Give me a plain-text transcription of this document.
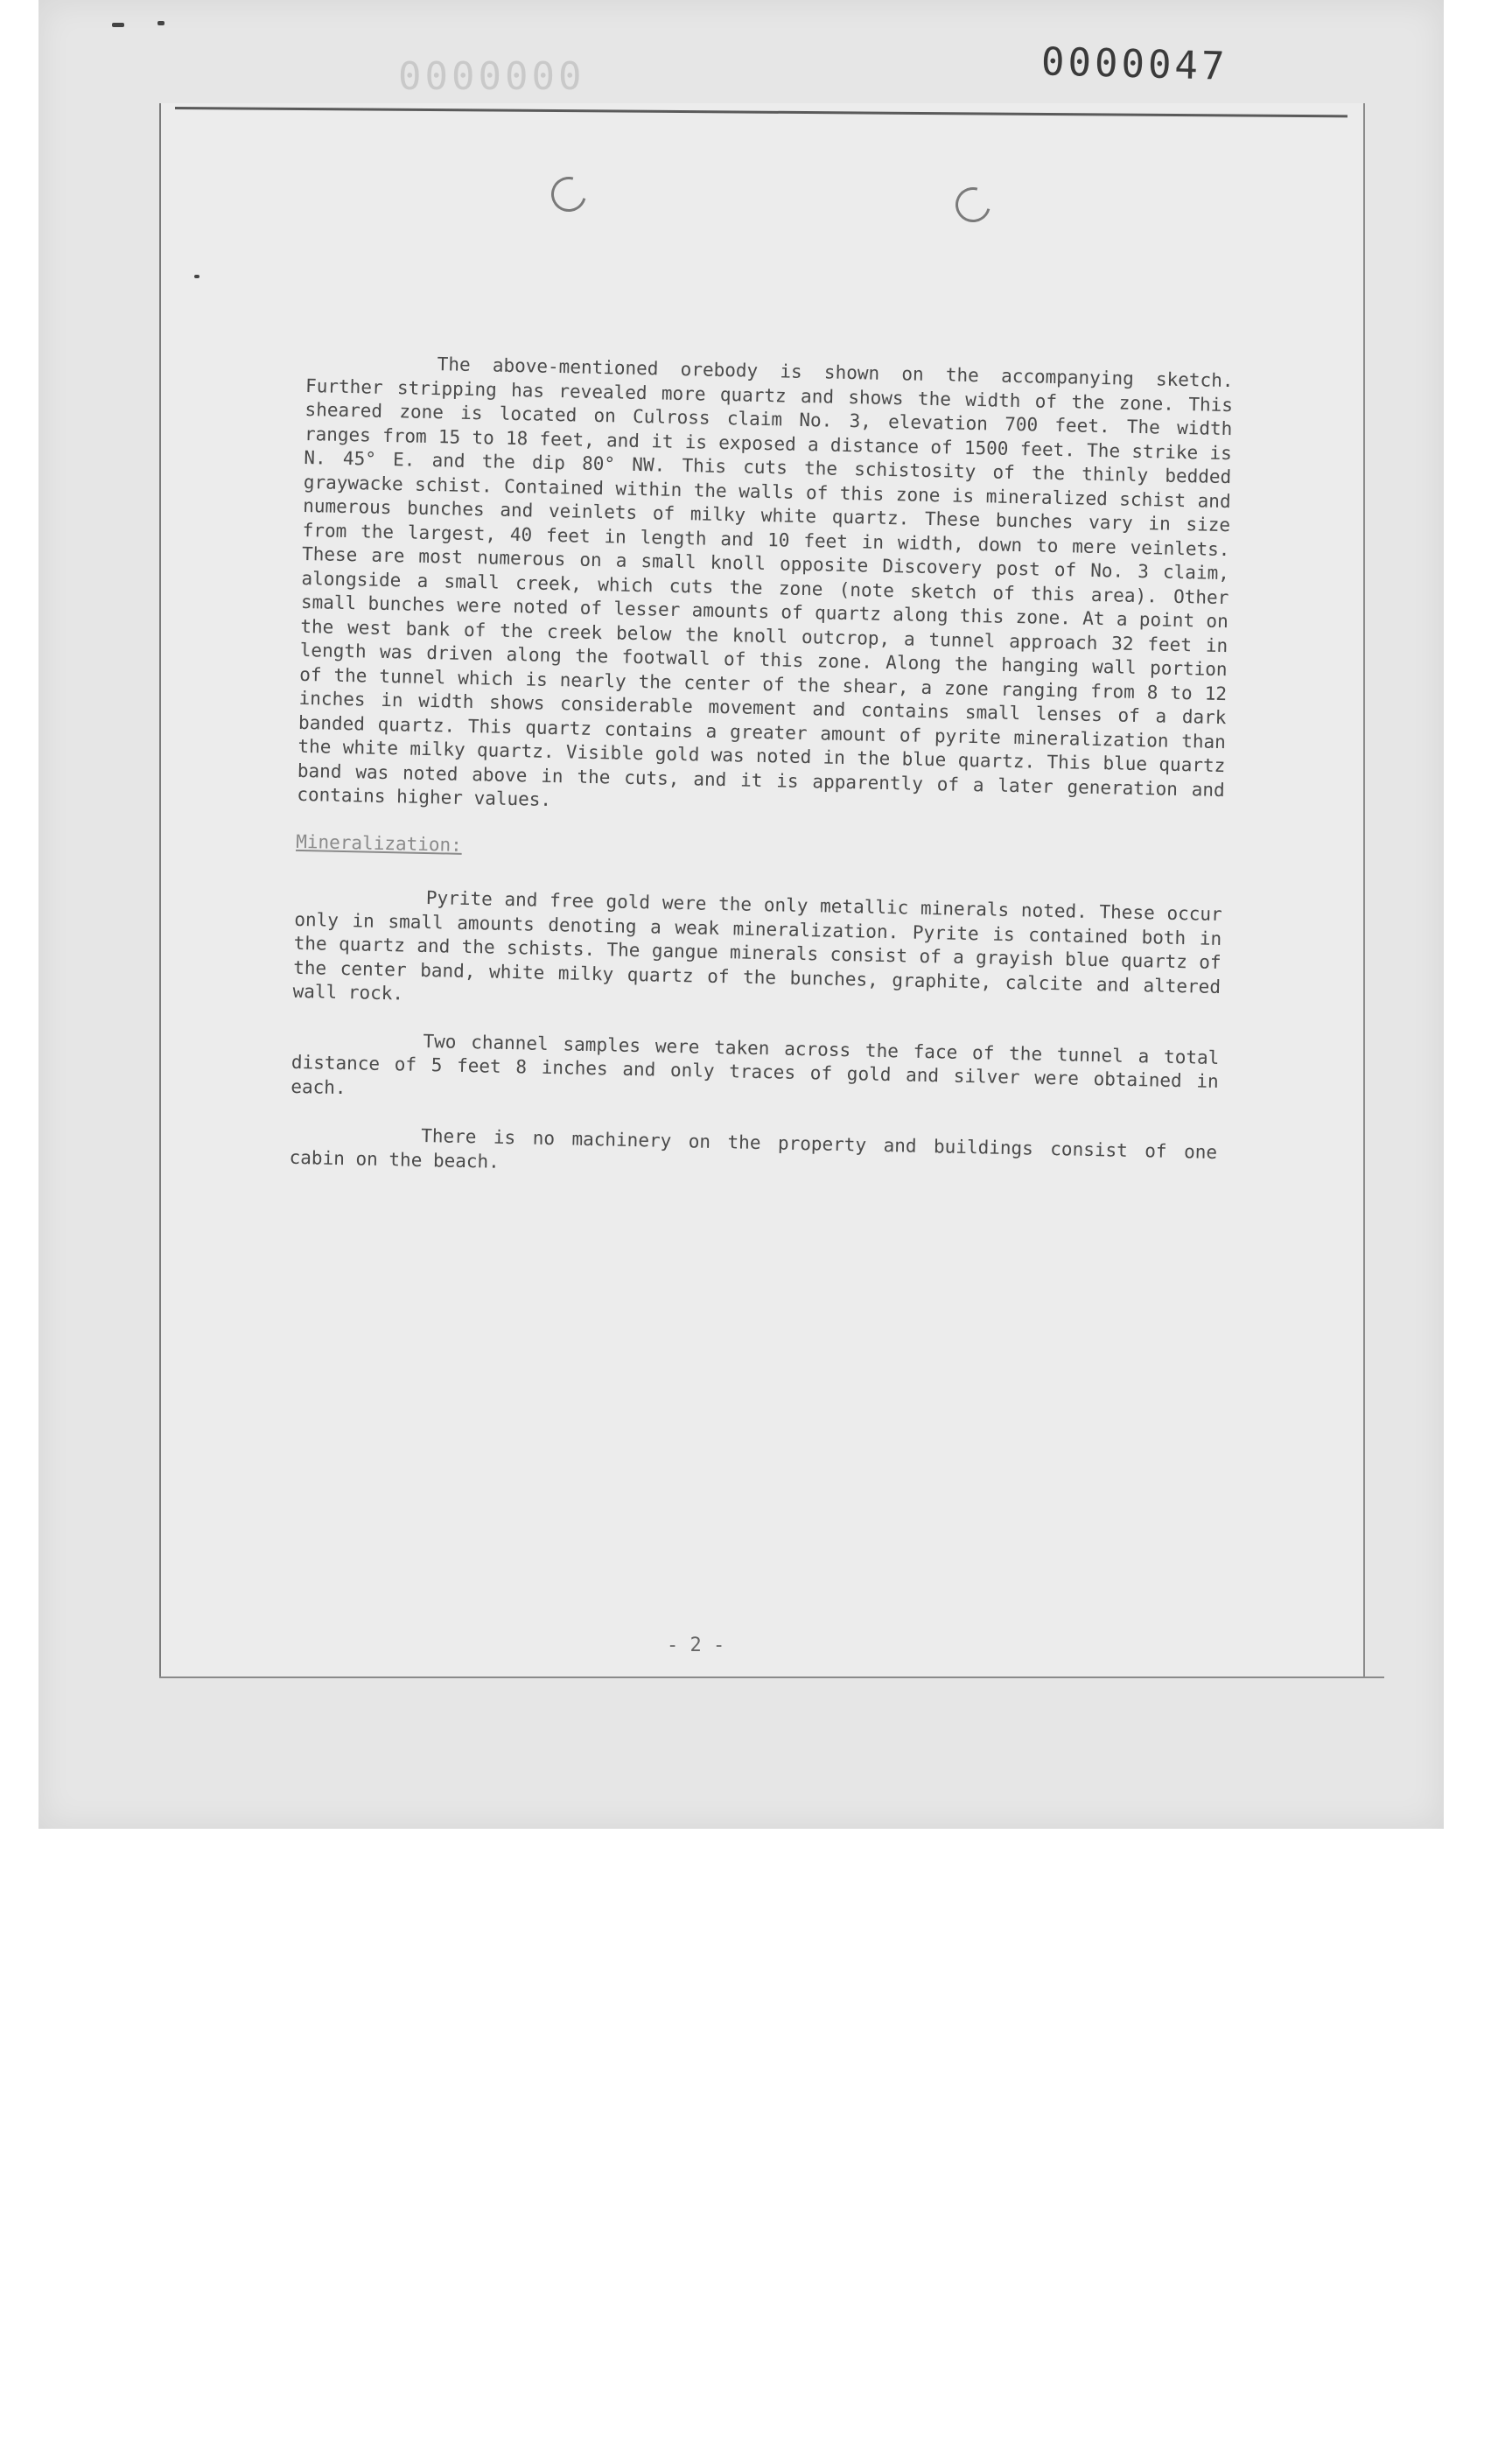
0000000	0000047

The above-mentioned orebody is shown on the accompanying sketch. Further stripping has revealed more quartz and shows the width of the zone. This sheared zone is located on Culross claim No. 3, elevation 700 feet. The width ranges from 15 to 18 feet, and it is exposed a distance of 1500 feet. The strike is N. 45° E. and the dip 80° NW. This cuts the schistosity of the thinly bedded graywacke schist. Contained within the walls of this zone is mineralized schist and numerous bunches and veinlets of milky white quartz. These bunches vary in size from the largest, 40 feet in length and 10 feet in width, down to mere veinlets. These are most numerous on a small knoll opposite Discovery post of No. 3 claim, alongside a small creek, which cuts the zone (note sketch of this area). Other small bunches were noted of lesser amounts of quartz along this zone. At a point on the west bank of the creek below the knoll outcrop, a tunnel approach 32 feet in length was driven along the footwall of this zone. Along the hanging wall portion of the tunnel which is nearly the center of the shear, a zone ranging from 8 to 12 inches in width shows considerable movement and contains small lenses of a dark banded quartz. This quartz contains a greater amount of pyrite mineralization than the white milky quartz. Visible gold was noted in the blue quartz. This blue quartz band was noted above in the cuts, and it is apparently of a later generation and contains higher values.

Mineralization:

Pyrite and free gold were the only metallic minerals noted. These occur only in small amounts denoting a weak mineralization. Pyrite is contained both in the quartz and the schists. The gangue minerals consist of a grayish blue quartz of the center band, white milky quartz of the bunches, graphite, calcite and altered wall rock.

Two channel samples were taken across the face of the tunnel a total distance of 5 feet 8 inches and only traces of gold and silver were obtained in each.

There is no machinery on the property and buildings consist of one cabin on the beach.

- 2 -
